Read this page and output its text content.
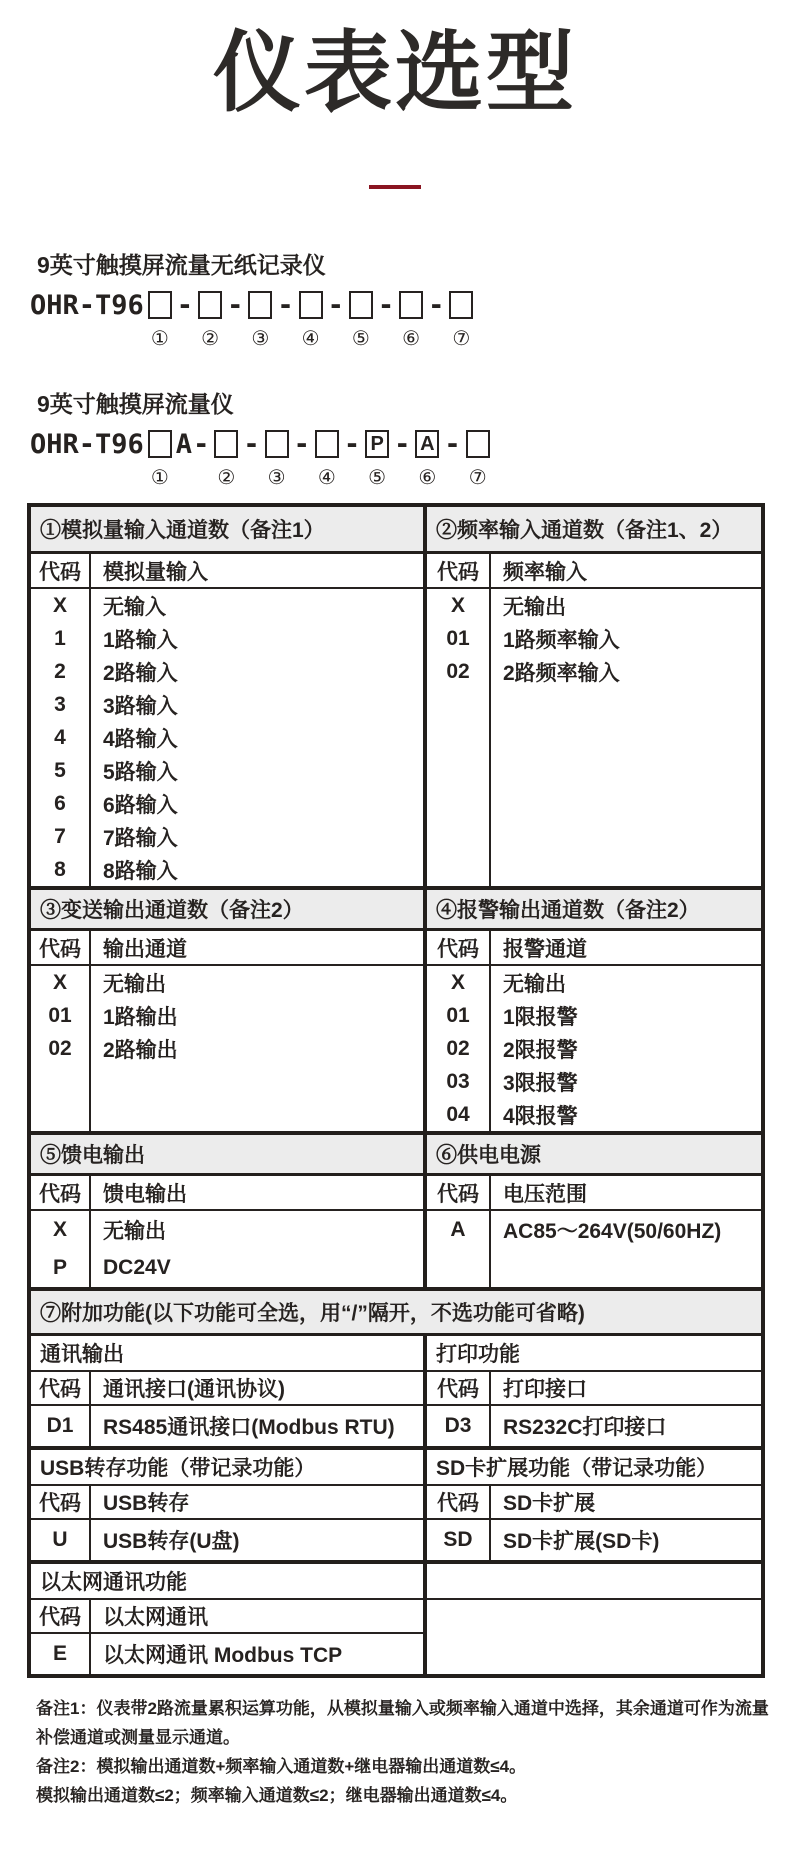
仪表选型
9英寸触摸屏流量无纸记录仪
OHR-T96 - - - - - -
① ② ③ ④ ⑤ ⑥ ⑦
9英寸触摸屏流量仪
OHR-T96 A - - - - P - A -
① ② ③ ④ ⑤ ⑥ ⑦
①模拟量输入通道数（备注1）
代码
X
1
2
3
4
5
6
7
8
模拟量输入
无输入
1路输入
2路输入
3路输入
4路输入
5路输入
6路输入
7路输入
8路输入
②频率输入通道数（备注1、2）
代码
X
01
02
频率输入
无输出
1路频率输入
2路频率输入
③变送输出通道数（备注2）
代码
X
01
02
输出通道
无输出
1路输出
2路输出
④报警输出通道数（备注2）
代码
X
01
02
03
04
报警通道
无输出
1限报警
2限报警
3限报警
4限报警
⑤馈电输出
代码
X
P
馈电输出
无输出
DC24V
⑥供电电源
代码
A
电压范围
AC85～264V(50/60HZ)
⑦附加功能(以下功能可全选，用“/”隔开，不选功能可省略)
通讯输出
代码
D1
通讯接口(通讯协议)
RS485通讯接口(Modbus RTU)
打印功能
代码
D3
打印接口
RS232C打印接口
USB转存功能（带记录功能）
代码
U
USB转存
USB转存(U盘)
SD卡扩展功能（带记录功能）
代码
SD
SD卡扩展
SD卡扩展(SD卡)
以太网通讯功能
代码
E
以太网通讯
以太网通讯 Modbus TCP
备注1：仪表带2路流量累积运算功能，从模拟量输入或频率输入通道中选择，其余通道可作为流量
补偿通道或测量显示通道。
备注2：模拟输出通道数+频率输入通道数+继电器输出通道数≤4。
模拟输出通道数≤2；频率输入通道数≤2；继电器输出通道数≤4。
